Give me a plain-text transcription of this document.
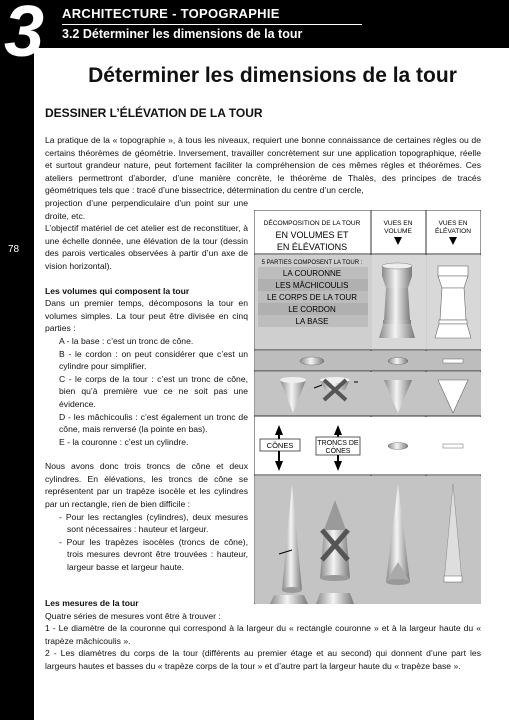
3 ARCHITECTURE - TOPOGRAPHIE
3.2 Déterminer les dimensions de la tour
78
Déterminer les dimensions de la tour
DESSINER L’ÉLÉVATION DE LA TOUR
La pratique de la « topographie », à tous les niveaux, requiert une bonne connaissance de certaines règles ou de certains théorèmes de géométrie. Inversement, travailler concrètement sur une application topographique, réelle et surtout grandeur nature, peut fortement faciliter la compréhension de ces mêmes règles et théorèmes. Ces ateliers permettront d’aborder, d’une manière concrète, le théorème de Thalès, des principes de tracés géométriques tels que : tracé d’une bissectrice, détermination du centre d’un cercle,
projection d’une perpendiculaire d’un point sur une droite, etc.
L’objectif matériel de cet atelier est de reconstituer, à une échelle donnée, une élévation de la tour (dessin des parois verticales observées à partir d’un axe de vision horizontal).
Les volumes qui composent la tour
Dans un premier temps, décomposons la tour en volumes simples. La tour peut être divisée en cinq parties :
A - la base : c’est un tronc de cône.
B - le cordon : on peut considérer que c’est un cylindre pour simplifier.
C - le corps de la tour : c’est un tronc de cône, bien qu’à première vue ce ne soit pas une évidence.
D - les mâchicoulis : c’est également un tronc de cône, mais renversé (la pointe en bas).
E - la couronne : c’est un cylindre.
Nous avons donc trois troncs de cône et deux cylindres. En élévations, les troncs de cône se représentent par un trapèze isocèle et les cylindres par un rectangle, rien de bien difficile :
- Pour les rectangles (cylindres), deux mesures sont nécessaires : hauteur et largeur.
- Pour les trapèzes isocèles (troncs de cône), trois mesures devront être trouvées : hauteur, largeur basse et largeur haute.
Les mesures de la tour
Quatre séries de mesures vont être à trouver :
1 - Le diamètre de la couronne qui correspond à la largeur du « rectangle couronne » et à la largeur haute du « trapèze mâchicoulis ».
2 - Les diamètres du corps de la tour (différents au premier étage et au second) qui donnent d’une part les largeurs hautes et basses du « trapèze corps de la tour » et d’autre part la largeur haute du « trapèze base ».
DÉCOMPOSITION DE LA TOUR
EN VOLUMES ET
EN ÉLÉVATIONS
VUES EN
VOLUME
VUES EN
ÉLÉVATION
5 PARTIES COMPOSENT LA TOUR :
LA COURONNE
LES MÂCHICOULIS
LE CORPS DE LA TOUR
LE CORDON
LA BASE
CÔNES	TRONCS DE
CÔNES
